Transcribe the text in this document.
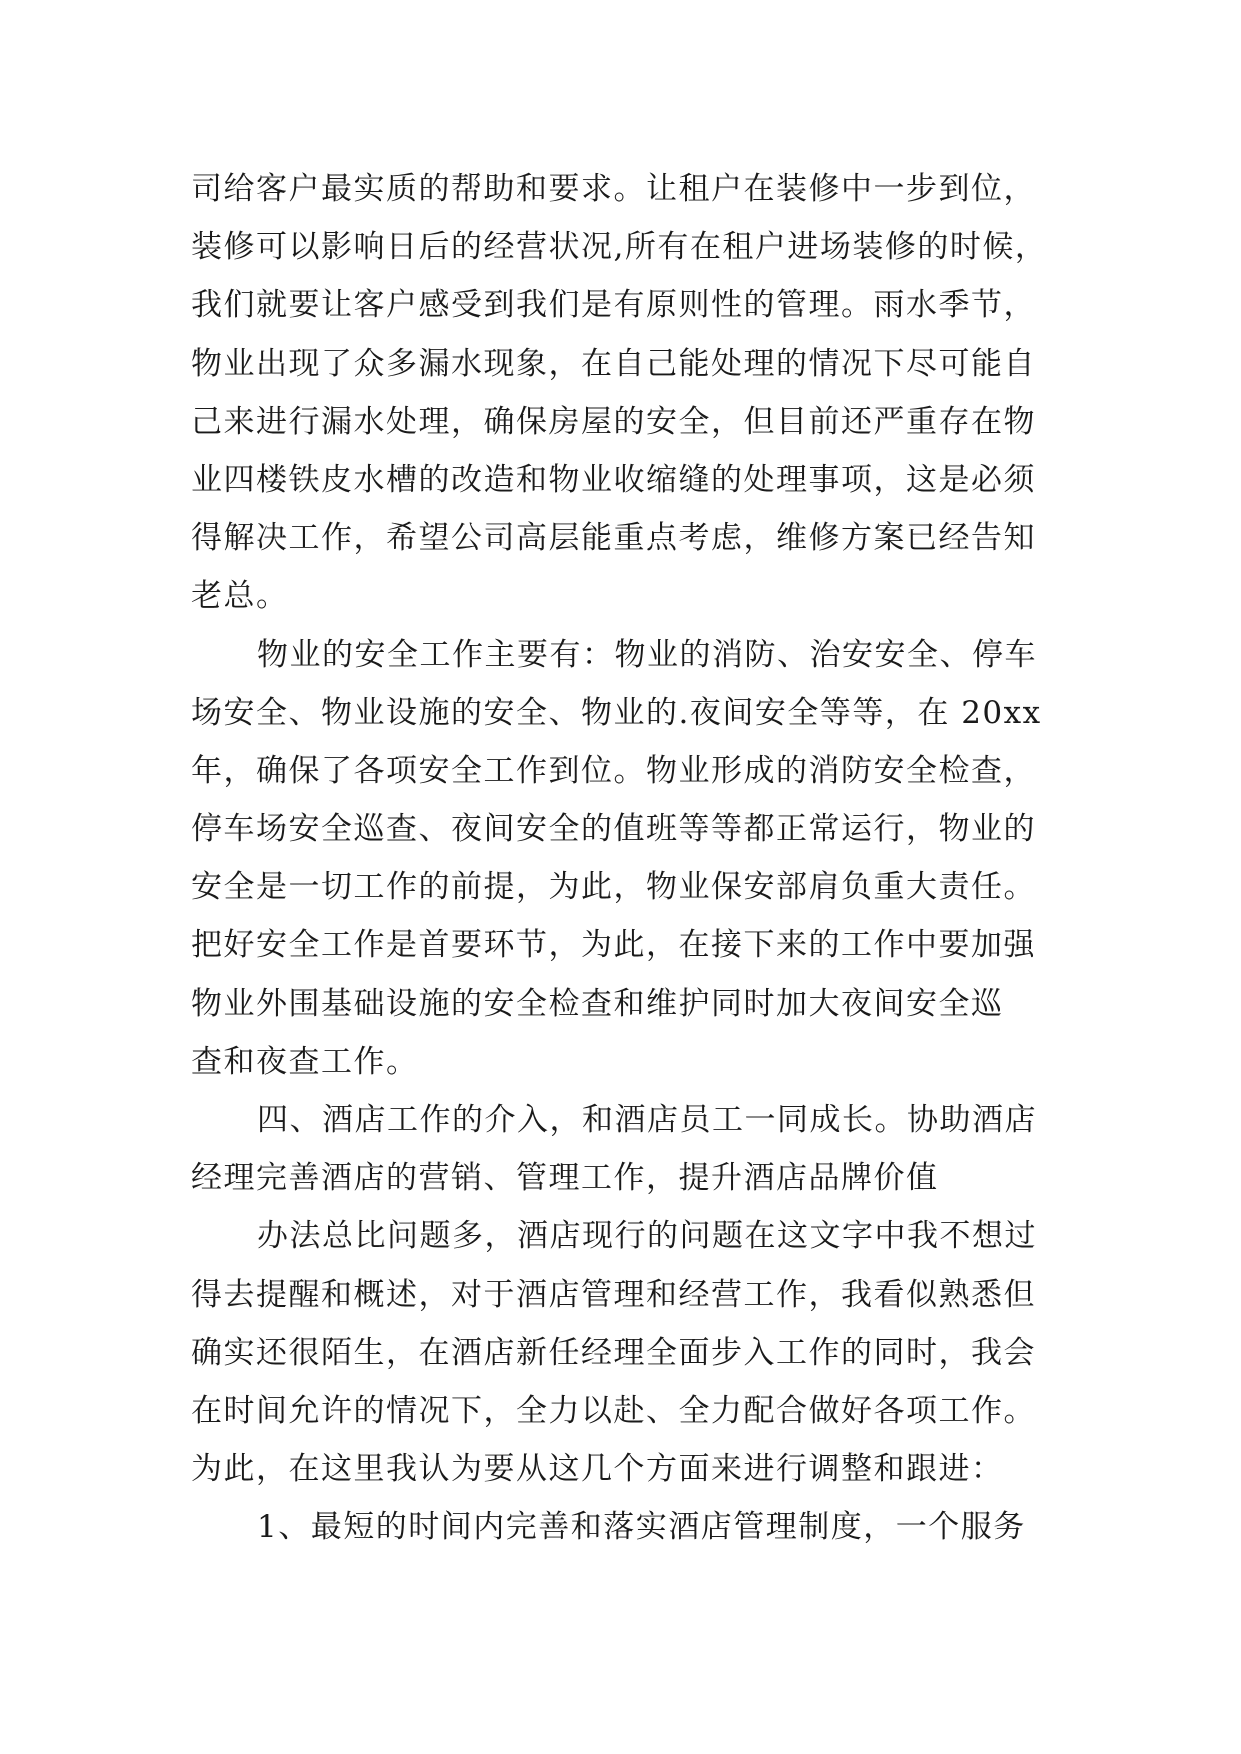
司给客户最实质的帮助和要求。让租户在装修中一步到位，
装修可以影响日后的经营状况,所有在租户进场装修的时候，
我们就要让客户感受到我们是有原则性的管理。雨水季节，
物业出现了众多漏水现象，在自己能处理的情况下尽可能自
己来进行漏水处理，确保房屋的安全，但目前还严重存在物
业四楼铁皮水槽的改造和物业收缩缝的处理事项，这是必须
得解决工作，希望公司高层能重点考虑，维修方案已经告知
老总。
物业的安全工作主要有：物业的消防、治安安全、停车
场安全、物业设施的安全、物业的.夜间安全等等，在 20xx
年，确保了各项安全工作到位。物业形成的消防安全检查，
停车场安全巡查、夜间安全的值班等等都正常运行，物业的
安全是一切工作的前提，为此，物业保安部肩负重大责任。
把好安全工作是首要环节，为此，在接下来的工作中要加强
物业外围基础设施的安全检查和维护同时加大夜间安全巡
查和夜查工作。
四、酒店工作的介入，和酒店员工一同成长。协助酒店
经理完善酒店的营销、管理工作，提升酒店品牌价值
办法总比问题多，酒店现行的问题在这文字中我不想过
得去提醒和概述，对于酒店管理和经营工作，我看似熟悉但
确实还很陌生，在酒店新任经理全面步入工作的同时，我会
在时间允许的情况下，全力以赴、全力配合做好各项工作。
为此，在这里我认为要从这几个方面来进行调整和跟进：
1、最短的时间内完善和落实酒店管理制度，一个服务
